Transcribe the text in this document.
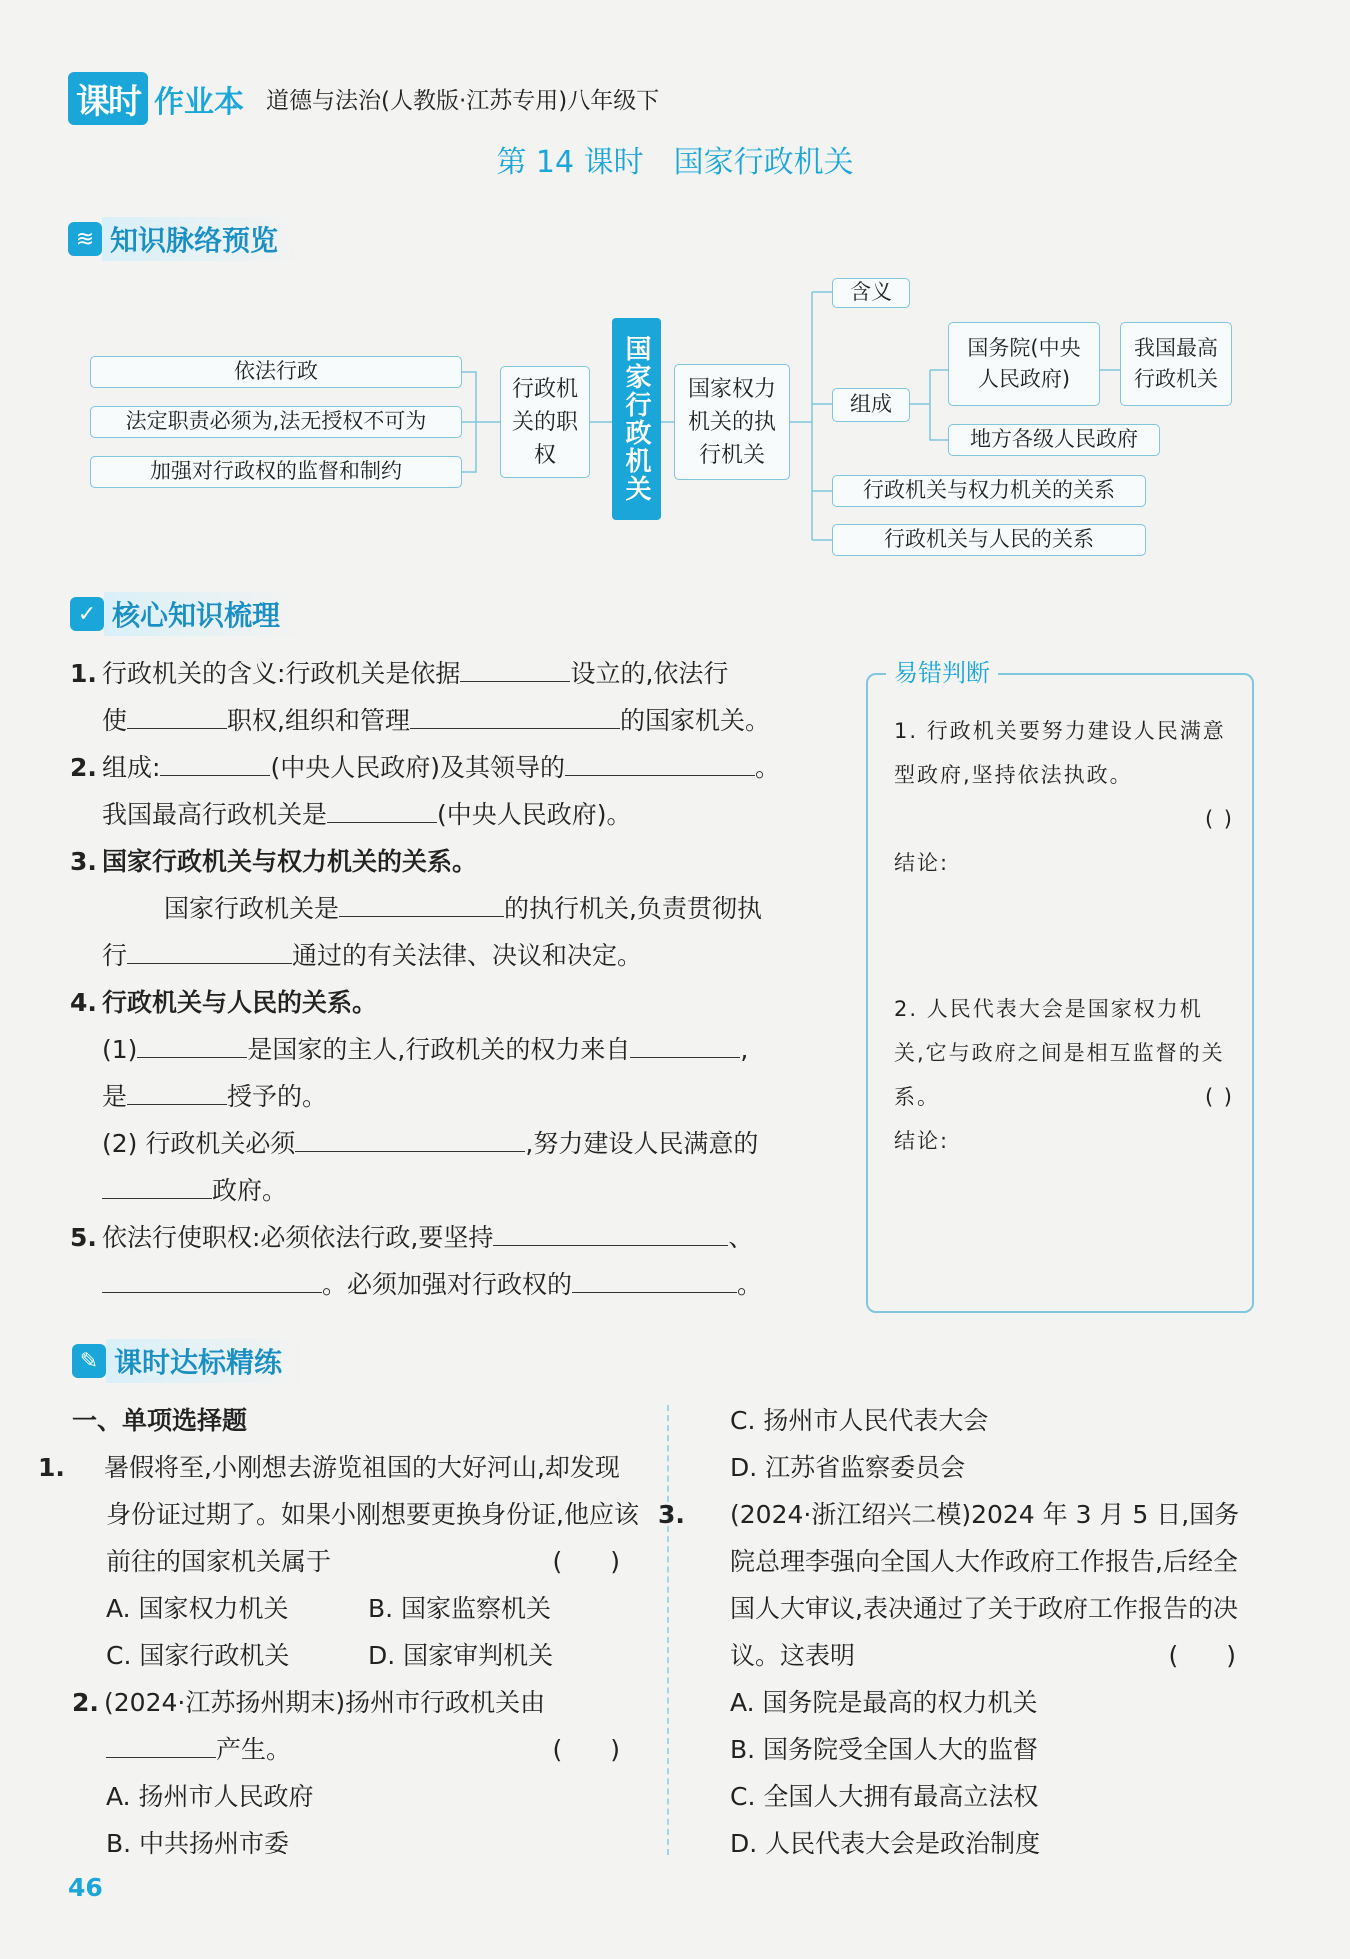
课时 作业本 道德与法治(人教版·江苏专用)八年级下
第 14 课时　国家行政机关
≋ 知识脉络预览
依法行政
法定职责必须为,法无授权不可为
加强对行政权的监督和制约
行政机关的职权	国家行政机关	国家权力机关的执行机关
含义
组成
国务院(中央人民政府)
我国最高行政机关
地方各级人民政府
行政机关与权力机关的关系
行政机关与人民的关系
✓ 核心知识梳理

1. 行政机关的含义:行政机关是依据	设立的,依法行

使	职权,组织和管理	的国家机关。

2. 组成:	(中央人民政府)及其领导的	。

我国最高行政机关是	(中央人民政府)。

3. 国家行政机关与权力机关的关系。

国家行政机关是	的执行机关,负责贯彻执

行	通过的有关法律、决议和决定。

4. 行政机关与人民的关系。

(1)	是国家的主人,行政机关的权力来自	,

是	授予的。

(2) 行政机关必须	,努力建设人民满意的

政府。

5. 依法行使职权:必须依法行政,要坚持	、

。必须加强对行政权的	。

易错判断
1. 行政机关要努力建设人民满意型政府,坚持依法执政。
( )
结论:
2. 人民代表大会是国家权力机关,它与政府之间是相互监督的关系。	( )
结论:
✎ 课时达标精练

一、单项选择题

1. 暑假将至,小刚想去游览祖国的大好河山,却发现身份证过期了。如果小刚想要更换身份证,他应该前往的国家机关属于	( )

A. 国家权力机关	B. 国家监察机关

C. 国家行政机关	D. 国家审判机关

2. (2024·江苏扬州期末)扬州市行政机关由

产生。	( )

A. 扬州市人民政府

B. 中共扬州市委

C. 扬州市人民代表大会

D. 江苏省监察委员会

3. (2024·浙江绍兴二模)2024 年 3 月 5 日,国务院总理李强向全国人大作政府工作报告,后经全国人大审议,表决通过了关于政府工作报告的决议。这表明	( )

A. 国务院是最高的权力机关

B. 国务院受全国人大的监督

C. 全国人大拥有最高立法权

D. 人民代表大会是政治制度

46
